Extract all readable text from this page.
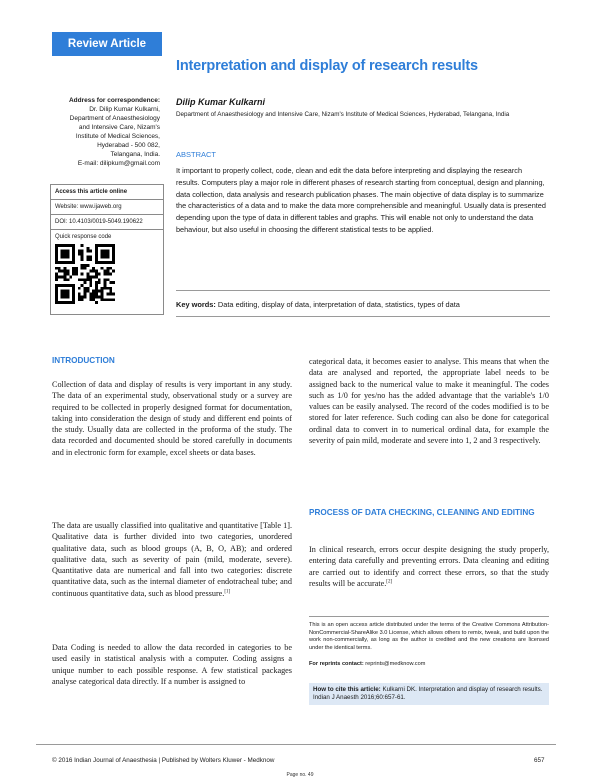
Review Article
Interpretation and display of research results
Address for correspondence:
Dr. Dilip Kumar Kulkarni,
Department of Anaesthesiology
and Intensive Care, Nizam's
Institute of Medical Sciences,
Hyderabad - 500 082,
Telangana, India.
E-mail: dilipkum@gmail.com
Access this article online
Website: www.ijaweb.org
DOI: 10.4103/0019-5049.190622
Quick response code
Dilip Kumar Kulkarni
Department of Anaesthesiology and Intensive Care, Nizam's Institute of Medical Sciences, Hyderabad, Telangana, India
ABSTRACT
It important to properly collect, code, clean and edit the data before interpreting and displaying the research results. Computers play a major role in different phases of research starting from conceptual, design and planning, data collection, data analysis and research publication phases. The main objective of data display is to summarize the characteristics of a data and to make the data more comprehensible and meaningful. Usually data is presented depending upon the type of data in different tables and graphs. This will enable not only to understand the data behaviour, but also useful in choosing the different statistical tests to be applied.
Key words: Data editing, display of data, interpretation of data, statistics, types of data
INTRODUCTION
Collection of data and display of results is very important in any study. The data of an experimental study, observational study or a survey are required to be collected in properly designed format for documentation, taking into consideration the design of study and different end points of the study. Usually data are collected in the proforma of the study. The data recorded and documented should be stored carefully in documents and in electronic form for example, excel sheets or data bases.
The data are usually classified into qualitative and quantitative [Table 1]. Qualitative data is further divided into two categories, unordered qualitative data, such as blood groups (A, B, O, AB); and ordered qualitative data, such as severity of pain (mild, moderate, severe). Quantitative data are numerical and fall into two categories: discrete quantitative data, such as the internal diameter of endotracheal tube; and continuous quantitative data, such as blood pressure.[1]
Data Coding is needed to allow the data recorded in categories to be used easily in statistical analysis with a computer. Coding assigns a unique number to each possible response. A few statistical packages analyse categorical data directly. If a number is assigned to
categorical data, it becomes easier to analyse. This means that when the data are analysed and reported, the appropriate label needs to be assigned back to the numerical value to make it meaningful. The codes such as 1/0 for yes/no has the added advantage that the variable's 1/0 values can be easily analysed. The record of the codes modified is to be stored for later reference. Such coding can also be done for categorical ordinal data to convert in to numerical ordinal data, for example the severity of pain mild, moderate and severe into 1, 2 and 3 respectively.
PROCESS OF DATA CHECKING, CLEANING AND EDITING
In clinical research, errors occur despite designing the study properly, entering data carefully and preventing errors. Data cleaning and editing are carried out to identify and correct these errors, so that the study results will be accurate.[2]
This is an open access article distributed under the terms of the Creative Commons Attribution-NonCommercial-ShareAlike 3.0 License, which allows others to remix, tweak, and build upon the work non-commercially, as long as the author is credited and the new creations are licensed under the identical terms.
For reprints contact: reprints@medknow.com
How to cite this article: Kulkarni DK. Interpretation and display of research results. Indian J Anaesth 2016;60:657-61.
© 2016 Indian Journal of Anaesthesia | Published by Wolters Kluwer - Medknow	657
Page no. 49
